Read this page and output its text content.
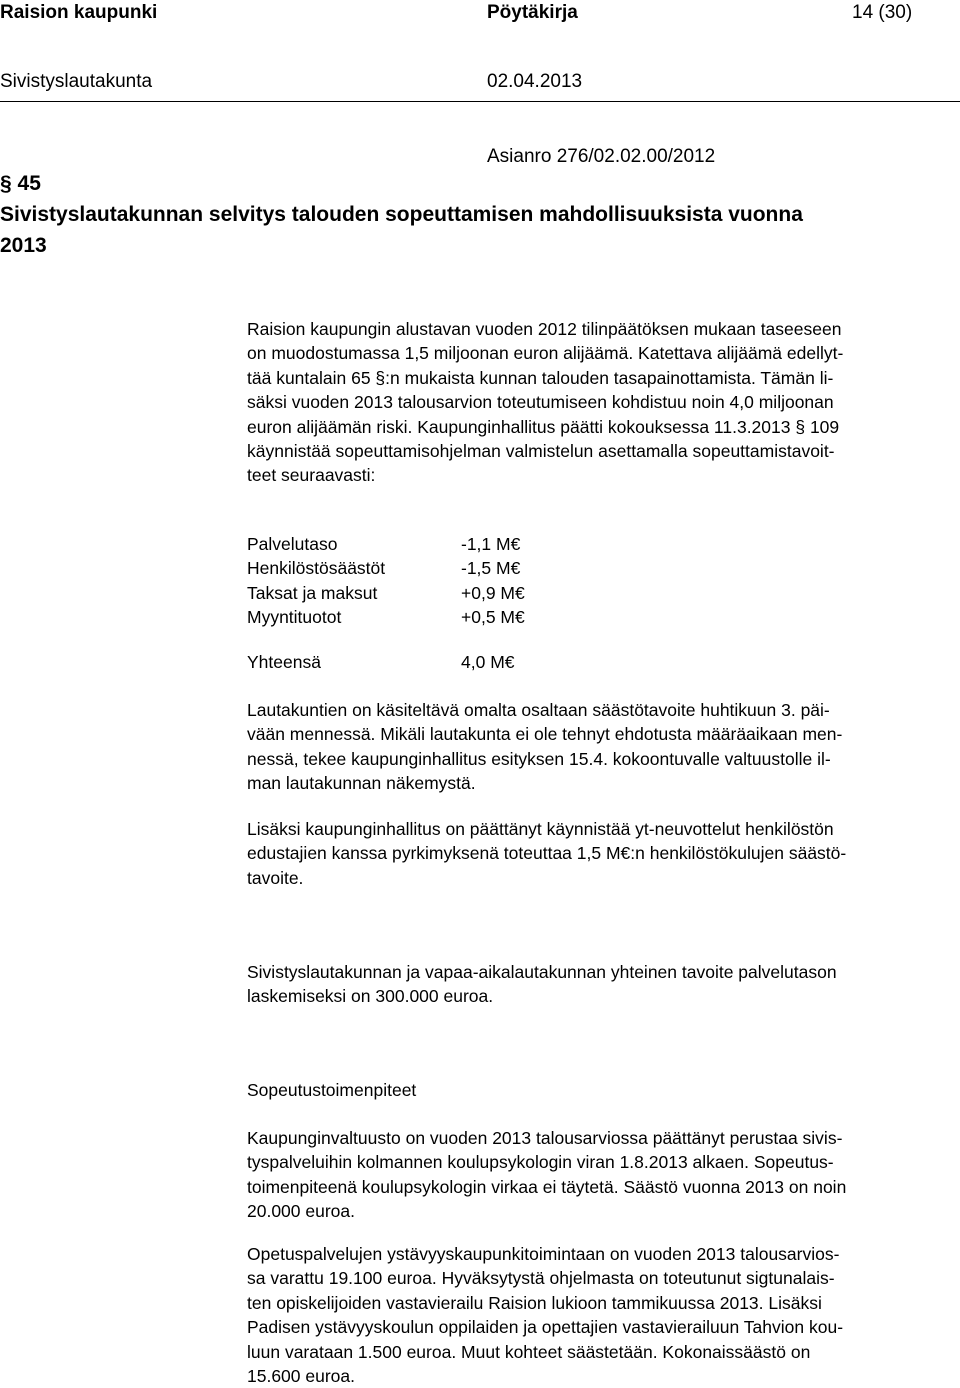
Raision kaupunki	Pöytäkirja	14 (30)
Sivistyslautakunta	02.04.2013
Asianro 276/02.02.00/2012
§ 45
Sivistyslautakunnan selvitys talouden sopeuttamisen mahdollisuuksista vuonna
2013

Raision kaupungin alustavan vuoden 2012 tilinpäätöksen mukaan taseeseen

on muodostumassa 1,5 miljoonan euron alijäämä. Katettava alijäämä edellyt-

tää kuntalain 65 §:n mukaista kunnan talouden tasapainottamista. Tämän li-

säksi vuoden 2013 talousarvion toteutumiseen kohdistuu noin 4,0 miljoonan

euron alijäämän riski. Kaupunginhallitus päätti kokouksessa 11.3.2013 § 109

käynnistää sopeuttamisohjelman valmistelun asettamalla sopeuttamistavoit-

teet seuraavasti:

Palvelutaso	-1,1 M€
Henkilöstösäästöt	-1,5 M€
Taksat ja maksut	+0,9 M€
Myyntituotot	+0,5 M€
Yhteensä	4,0 M€

Lautakuntien on käsiteltävä omalta osaltaan säästötavoite huhtikuun 3. päi-

vään mennessä. Mikäli lautakunta ei ole tehnyt ehdotusta määräaikaan men-

nessä, tekee kaupunginhallitus esityksen 15.4. kokoontuvalle valtuustolle il-

man lautakunnan näkemystä.

Lisäksi kaupunginhallitus on päättänyt käynnistää yt-neuvottelut henkilöstön

edustajien kanssa pyrkimyksenä toteuttaa 1,5 M€:n henkilöstökulujen säästö-

tavoite.

Sivistyslautakunnan ja vapaa-aikalautakunnan yhteinen tavoite palvelutason

laskemiseksi on 300.000 euroa.

Sopeutustoimenpiteet

Kaupunginvaltuusto on vuoden 2013 talousarviossa päättänyt perustaa sivis-

tyspalveluihin kolmannen koulupsykologin viran 1.8.2013 alkaen. Sopeutus-

toimenpiteenä koulupsykologin virkaa ei täytetä. Säästö vuonna 2013 on noin

20.000 euroa.

Opetuspalvelujen ystävyyskaupunkitoimintaan on vuoden 2013 talousarvios-

sa varattu 19.100 euroa. Hyväksytystä ohjelmasta on toteutunut sigtunalais-

ten opiskelijoiden vastavierailu Raision lukioon tammikuussa 2013. Lisäksi

Padisen ystävyyskoulun oppilaiden ja opettajien vastavierailuun Tahvion kou-

luun varataan 1.500 euroa. Muut kohteet säästetään. Kokonaissäästö on

15.600 euroa.
